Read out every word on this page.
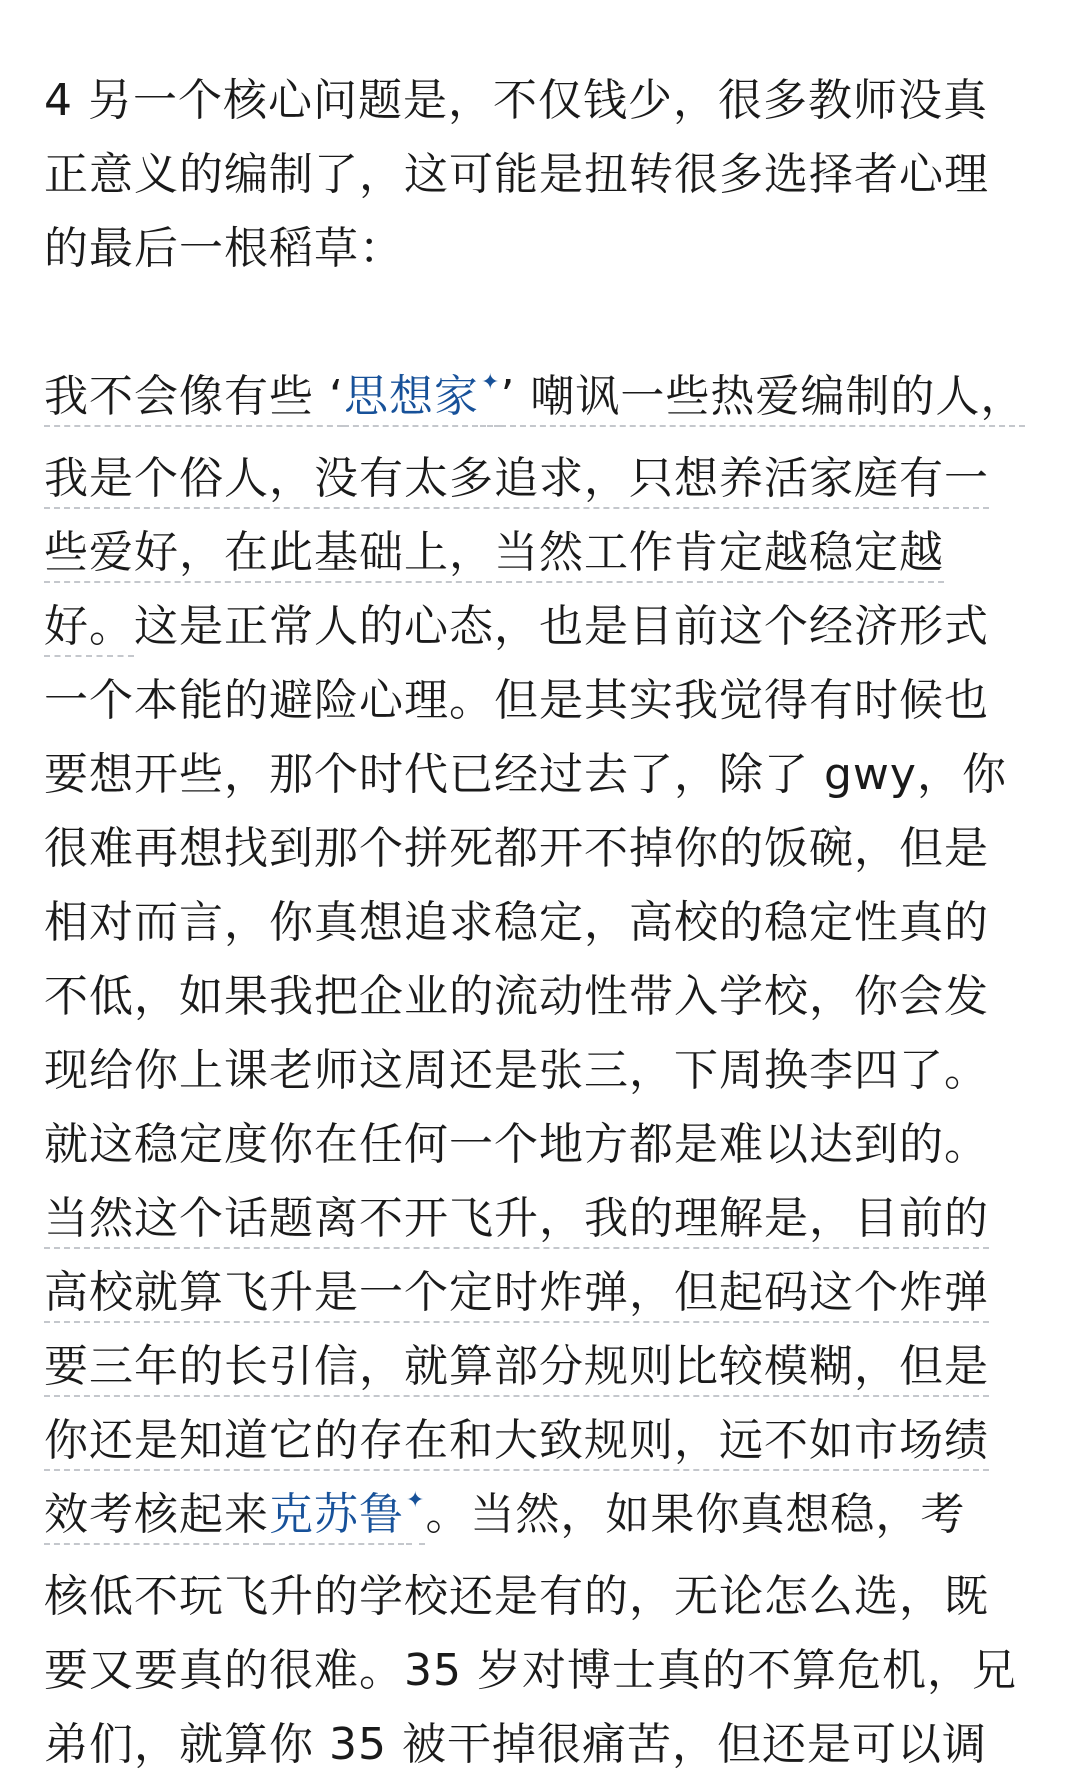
4 另一个核心问题是，不仅钱少，很多教师没真
正意义的编制了，这可能是扭转很多选择者心理
的最后一根稻草：

我不会像有些 ‘思想家✦’ 嘲讽一些热爱编制的人，
我是个俗人，没有太多追求，只想养活家庭有一
些爱好，在此基础上，当然工作肯定越稳定越
好。这是正常人的心态，也是目前这个经济形式
一个本能的避险心理。但是其实我觉得有时候也
要想开些，那个时代已经过去了，除了 gwy，你
很难再想找到那个拼死都开不掉你的饭碗，但是
相对而言，你真想追求稳定，高校的稳定性真的
不低，如果我把企业的流动性带入学校，你会发
现给你上课老师这周还是张三，下周换李四了。
就这稳定度你在任何一个地方都是难以达到的。
当然这个话题离不开飞升，我的理解是，目前的
高校就算飞升是一个定时炸弹，但起码这个炸弹
要三年的长引信，就算部分规则比较模糊，但是
你还是知道它的存在和大致规则，远不如市场绩
效考核起来克苏鲁✦。当然，如果你真想稳，考
核低不玩飞升的学校还是有的，无论怎么选，既
要又要真的很难。35 岁对博士真的不算危机，兄
弟们，就算你 35 被干掉很痛苦，但还是可以调
